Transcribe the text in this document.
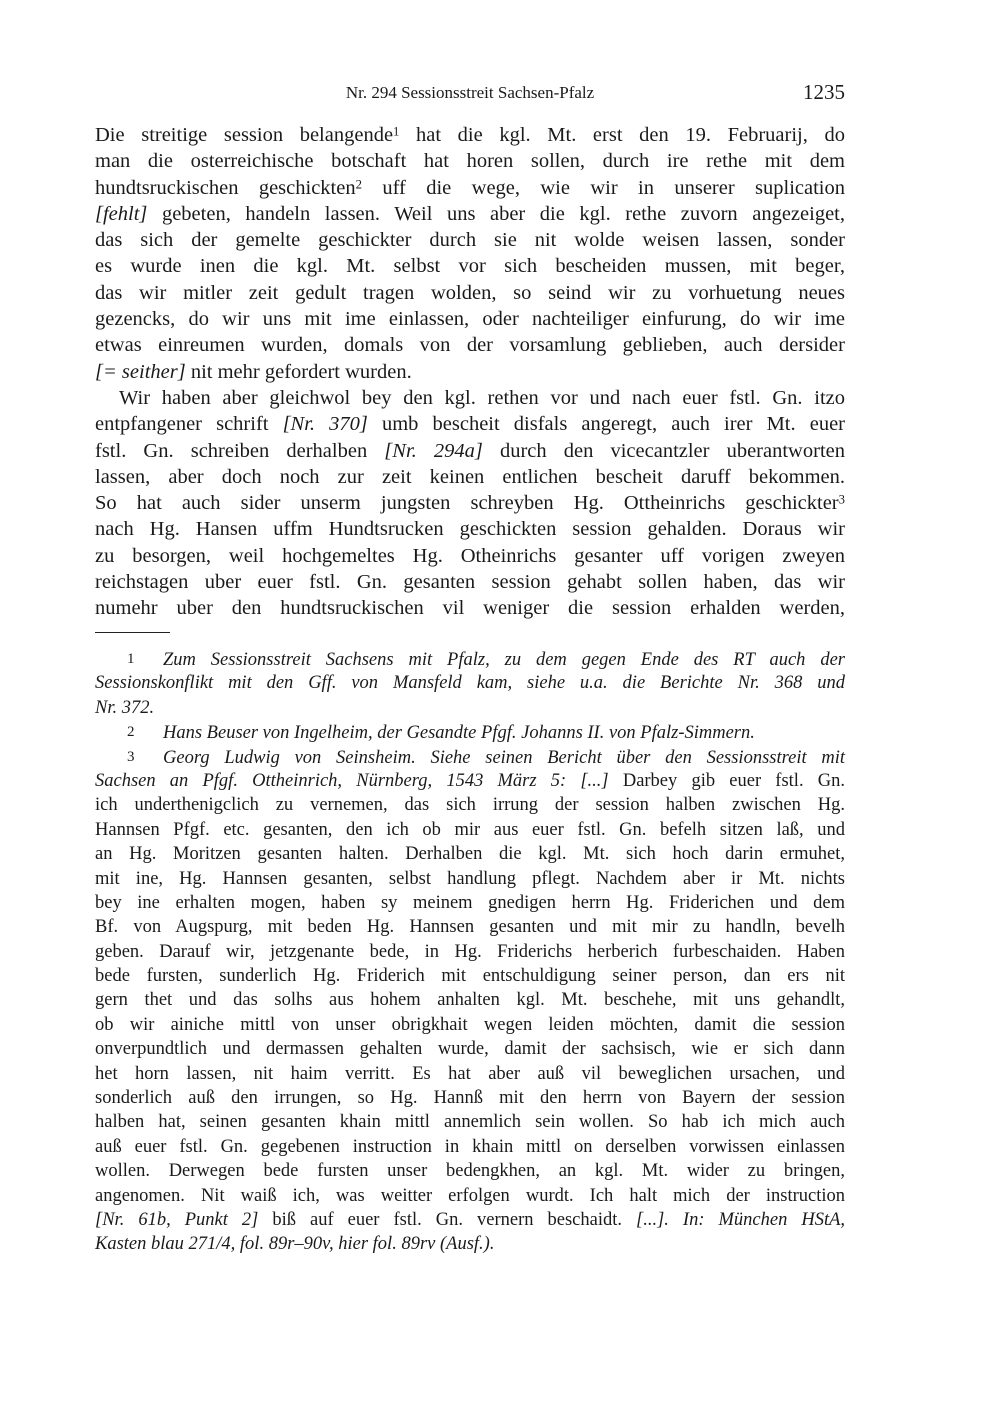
Nr. 294 Sessionsstreit Sachsen-Pfalz	1235
Die streitige session belangende$^1$ hat die kgl. Mt. erst den 19. Februarij, do
man die osterreichische botschaft hat horen sollen, durch ire rethe mit dem
hundtsruckischen geschickten$^2$ uff die wege, wie wir in unserer suplication
[fehlt] gebeten, handeln lassen. Weil uns aber die kgl. rethe zuvorn angezeiget,
das sich der gemelte geschickter durch sie nit wolde weisen lassen, sonder
es wurde inen die kgl. Mt. selbst vor sich bescheiden mussen, mit beger,
das wir mitler zeit gedult tragen wolden, so seind wir zu vorhuetung neues
gezencks, do wir uns mit ime einlassen, oder nachteiliger einfurung, do wir ime
etwas einreumen wurden, domals von der vorsamlung geblieben, auch dersider
[= seither] nit mehr gefordert wurden.
Wir haben aber gleichwol bey den kgl. rethen vor und nach euer fstl. Gn. itzo
entpfangener schrift [Nr. 370] umb bescheit disfals angeregt, auch irer Mt. euer
fstl. Gn. schreiben derhalben [Nr. 294a] durch den vicecantzler uberantworten
lassen, aber doch noch zur zeit keinen entlichen bescheit daruff bekommen.
So hat auch sider unserm jungsten schreyben Hg. Ottheinrichs geschickter$^3$
nach Hg. Hansen uffm Hundtsrucken geschickten session gehalden. Doraus wir
zu besorgen, weil hochgemeltes Hg. Otheinrichs gesanter uff vorigen zweyen
reichstagen uber euer fstl. Gn. gesanten session gehabt sollen haben, das wir
numehr uber den hundtsruckischen vil weniger die session erhalden werden,
1 Zum Sessionsstreit Sachsens mit Pfalz, zu dem gegen Ende des RT auch der
Sessionskonflikt mit den Gff. von Mansfeld kam, siehe u.a. die Berichte Nr. 368 und
Nr. 372.
2 Hans Beuser von Ingelheim, der Gesandte Pfgf. Johanns II. von Pfalz-Simmern.
3 Georg Ludwig von Seinsheim. Siehe seinen Bericht über den Sessionsstreit mit
Sachsen an Pfgf. Ottheinrich, Nürnberg, 1543 März 5: [...] Darbey gib euer fstl. Gn.
ich underthenigclich zu vernemen, das sich irrung der session halben zwischen Hg.
Hannsen Pfgf. etc. gesanten, den ich ob mir aus euer fstl. Gn. befelh sitzen laß, und
an Hg. Moritzen gesanten halten. Derhalben die kgl. Mt. sich hoch darin ermuhet,
mit ine, Hg. Hannsen gesanten, selbst handlung pflegt. Nachdem aber ir Mt. nichts
bey ine erhalten mogen, haben sy meinem gnedigen herrn Hg. Friderichen und dem
Bf. von Augspurg, mit beden Hg. Hannsen gesanten und mit mir zu handln, bevelh
geben. Darauf wir, jetzgenante bede, in Hg. Friderichs herberich furbeschaiden. Haben
bede fursten, sunderlich Hg. Friderich mit entschuldigung seiner person, dan ers nit
gern thet und das solhs aus hohem anhalten kgl. Mt. beschehe, mit uns gehandlt,
ob wir ainiche mittl von unser obrigkhait wegen leiden möchten, damit die session
onverpundtlich und dermassen gehalten wurde, damit der sachsisch, wie er sich dann
het horn lassen, nit haim verritt. Es hat aber auß vil beweglichen ursachen, und
sonderlich auß den irrungen, so Hg. Hannß mit den herrn von Bayern der session
halben hat, seinen gesanten khain mittl annemlich sein wollen. So hab ich mich auch
auß euer fstl. Gn. gegebenen instruction in khain mittl on derselben vorwissen einlassen
wollen. Derwegen bede fursten unser bedengkhen, an kgl. Mt. wider zu bringen,
angenomen. Nit waiß ich, was weitter erfolgen wurdt. Ich halt mich der instruction
[Nr. 61b, Punkt 2] biß auf euer fstl. Gn. vernern beschaidt. [...]. In: München HStA,
Kasten blau 271/4, fol. 89r–90v, hier fol. 89rv (Ausf.).
